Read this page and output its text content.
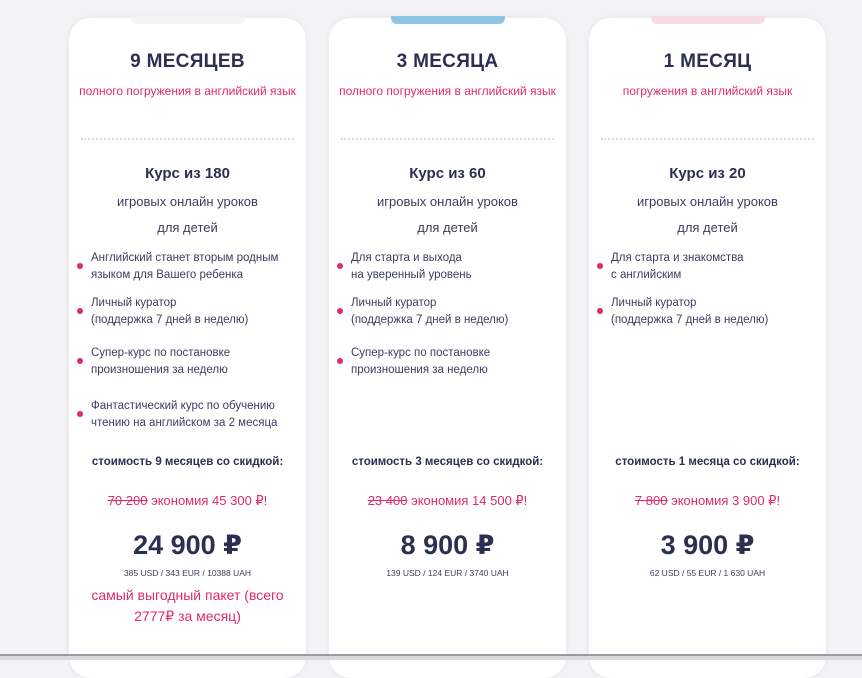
9 МЕСЯЦЕВ
полного погружения в английский язык
Курс из 180
игровых онлайн уроков
для детей
Английский станет вторым родным
языком для Вашего ребенка
Личный куратор
(поддержка 7 дней в неделю)
Супер-курс по постановке
произношения за неделю
Фантастический курс по обучению
чтению на английском за 2 месяца
стоимость 9 месяцев со скидкой:
70 200 экономия 45 300 ₽!
24 900 ₽
385 USD / 343 EUR / 10388 UAH
самый выгодный пакет (всего 2777₽ за месяц)
3 МЕСЯЦА
полного погружения в английский язык
Курс из 60
игровых онлайн уроков
для детей
Для старта и выхода
на уверенный уровень
Личный куратор
(поддержка 7 дней в неделю)
Супер-курс по постановке
произношения за неделю
стоимость 3 месяцев со скидкой:
23 400 экономия 14 500 ₽!
8 900 ₽
139 USD / 124 EUR / 3740 UAH
1 МЕСЯЦ
погружения в английский язык
Курс из 20
игровых онлайн уроков
для детей
Для старта и знакомства
с английским
Личный куратор
(поддержка 7 дней в неделю)
стоимость 1 месяца со скидкой:
7 800 экономия 3 900 ₽!
3 900 ₽
62 USD / 55 EUR / 1 630 UAH
